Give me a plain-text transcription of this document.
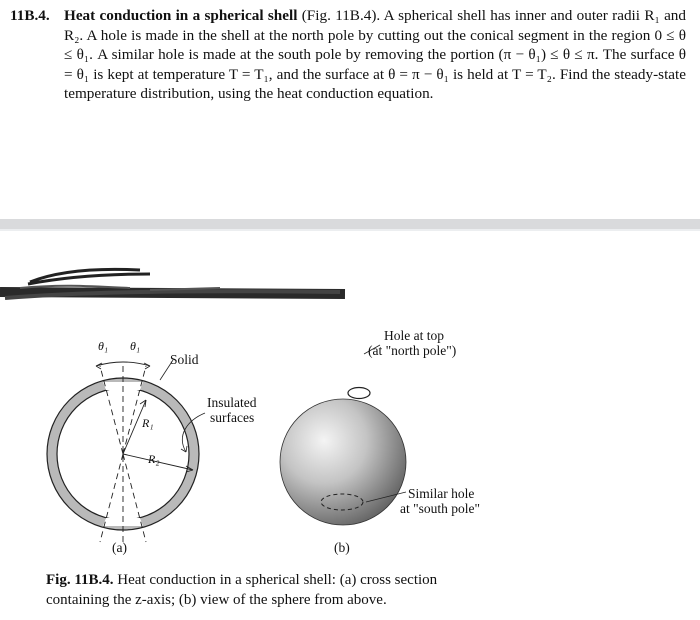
11B.4. Heat conduction in a spherical shell (Fig. 11B.4). A spherical shell has inner and outer radii R₁ and R₂. A hole is made in the shell at the north pole by cutting out the conical segment in the region 0 ≤ θ ≤ θ₁. A similar hole is made at the south pole by removing the portion (π − θ₁) ≤ θ ≤ π. The surface θ = θ₁ is kept at temperature T = T₁, and the surface at θ = π − θ₁ is held at T = T₂. Find the steady-state temperature distribution, using the heat conduction equation.
θ₁ θ₁
Solid
R₁
R₂
Insulated
surfaces
Hole at top
(at "north pole")
Similar hole
at "south pole"
(a)	(b)
Fig. 11B.4. Heat conduction in a spherical shell: (a) cross section containing the z-axis; (b) view of the sphere from above.
